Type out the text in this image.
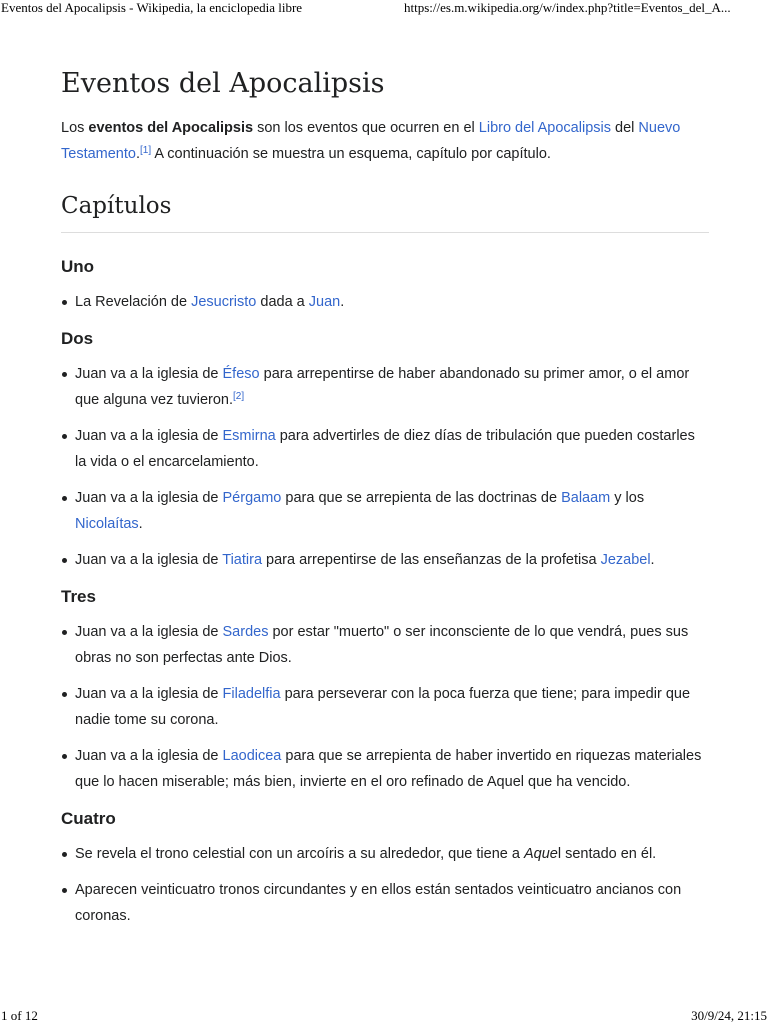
Eventos del Apocalipsis - Wikipedia, la enciclopedia libre	https://es.m.wikipedia.org/w/index.php?title=Eventos_del_A...
Eventos del Apocalipsis

Los eventos del Apocalipsis son los eventos que ocurren en el Libro del Apocalipsis del Nuevo Testamento.[1] A continuación se muestra un esquema, capítulo por capítulo.

Capítulos
Uno
La Revelación de Jesucristo dada a Juan.
Dos
Juan va a la iglesia de Éfeso para arrepentirse de haber abandonado su primer amor, o el amor que alguna vez tuvieron.[2]
Juan va a la iglesia de Esmirna para advertirles de diez días de tribulación que pueden costarles la vida o el encarcelamiento.
Juan va a la iglesia de Pérgamo para que se arrepienta de las doctrinas de Balaam y los Nicolaítas.
Juan va a la iglesia de Tiatira para arrepentirse de las enseñanzas de la profetisa Jezabel.
Tres
Juan va a la iglesia de Sardes por estar "muerto" o ser inconsciente de lo que vendrá, pues sus obras no son perfectas ante Dios.
Juan va a la iglesia de Filadelfia para perseverar con la poca fuerza que tiene; para impedir que nadie tome su corona.
Juan va a la iglesia de Laodicea para que se arrepienta de haber invertido en riquezas materiales que lo hacen miserable; más bien, invierte en el oro refinado de Aquel que ha vencido.
Cuatro
Se revela el trono celestial con un arcoíris a su alrededor, que tiene a Aquel sentado en él.
Aparecen veinticuatro tronos circundantes y en ellos están sentados veinticuatro ancianos con coronas.
1 of 12	30/9/24, 21:15
